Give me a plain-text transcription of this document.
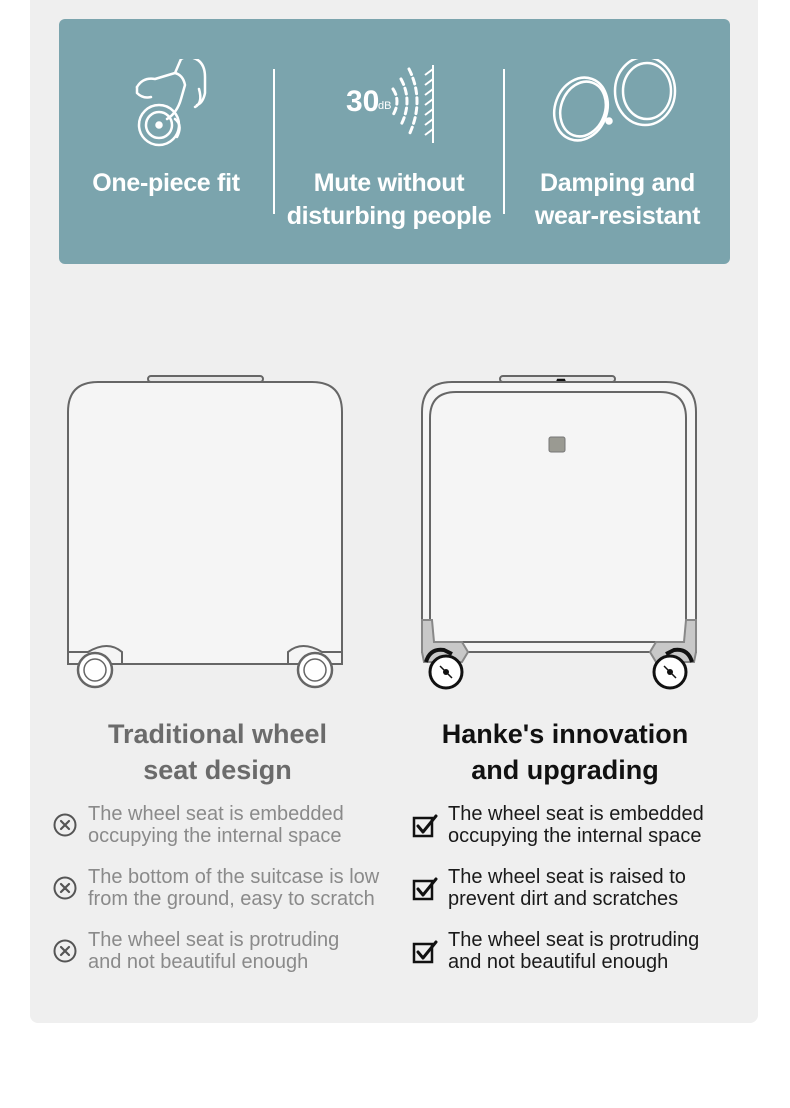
One-piece fit
30
dB
Mute without
disturbing people
Damping and
wear-resistant
Traditional wheel
seat design
Hanke's innovation
and upgrading
The wheel seat is embedded
occupying the internal space
The bottom of the suitcase is low
from the ground, easy to scratch
The wheel seat is protruding
and not beautiful enough
The wheel seat is embedded
occupying the internal space
The wheel seat is raised to
prevent dirt and scratches
The wheel seat is protruding
and not beautiful enough
